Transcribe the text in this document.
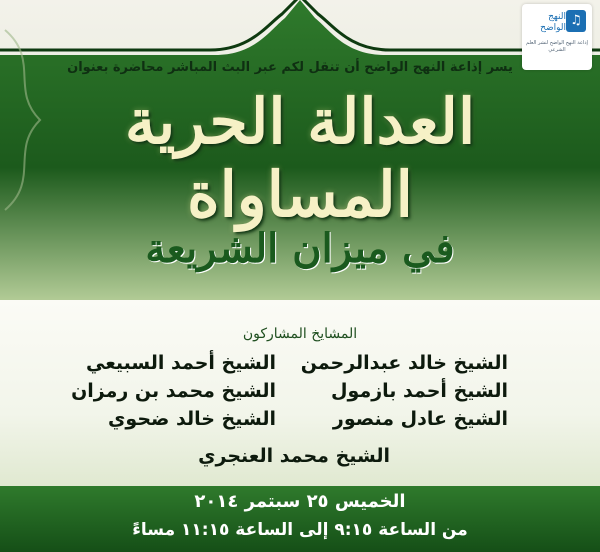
♫
النهج الواضح
إذاعة النهج الواضح لنشر العلم الشرعي
يسر إذاعة النهج الواضح أن تنقل لكم عبر البث المباشر محاضرة بعنوان
العدالة الحرية المساواة
في ميزان الشريعة
المشايخ المشاركون
الشيخ خالد عبدالرحمن
الشيخ أحمد السبيعي
الشيخ أحمد بازمول
الشيخ محمد بن رمزان
الشيخ عادل منصور
الشيخ خالد ضحوي
الشيخ محمد العنجري
الخميس ٢٥ سبتمر ٢٠١٤
من الساعة ٩:١٥ إلى الساعة ١١:١٥ مساءً
